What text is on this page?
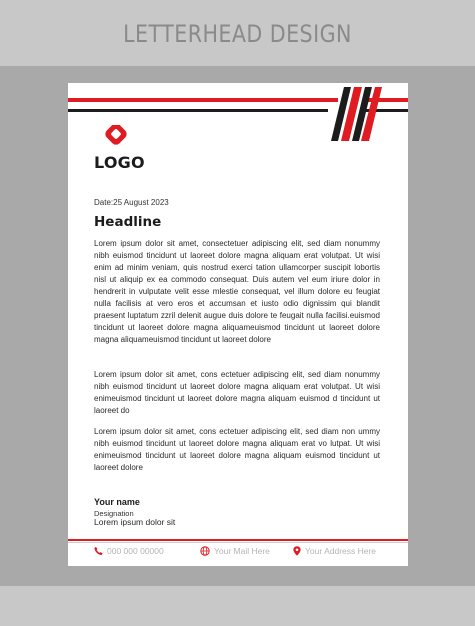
LETTERHEAD DESIGN
LOGO
Date:25 August 2023
Headline
Lorem ipsum dolor sit amet, consectetuer adipiscing elit, sed diam nonummy nibh euismod tincidunt ut laoreet dolore magna aliquam erat volutpat. Ut wisi enim ad minim veniam, quis nostrud exerci tation ullamcorper suscipit lobortis nisl ut aliquip ex ea commodo consequat. Duis autem vel eum iriure dolor in hendrerit in vulputate velit esse mlestie consequat, vel illum dolore eu feugiat nulla facilisis at vero eros et accumsan et iusto odio dignissim qui blandit praesent luptatum zzril delenit augue duis dolore te feugait nulla facilisi.euismod tincidunt ut laoreet dolore magna aliquameuismod tincidunt ut laoreet dolore magna aliquameuismod tincidunt ut laoreet dolore
Lorem ipsum dolor sit amet, cons ectetuer adipiscing elit, sed diam nonummy nibh euismod tincidunt ut laoreet dolore magna aliquam erat volutpat. Ut wisi enimeuismod tincidunt ut laoreet dolore magna aliquam euismod d tincidunt ut laoreet do
Lorem ipsum dolor sit amet, cons ectetuer adipiscing elit, sed diam non ummy nibh euismod tincidunt ut laoreet dolore magna aliquam erat vo lutpat. Ut wisi enimeuismod tincidunt ut laoreet dolore magna aliquam euismod tincidunt ut laoreet dolore
Your name
Designation
Lorem ipsum dolor sit
000 000 00000	Your Mail Here	Your Address Here
